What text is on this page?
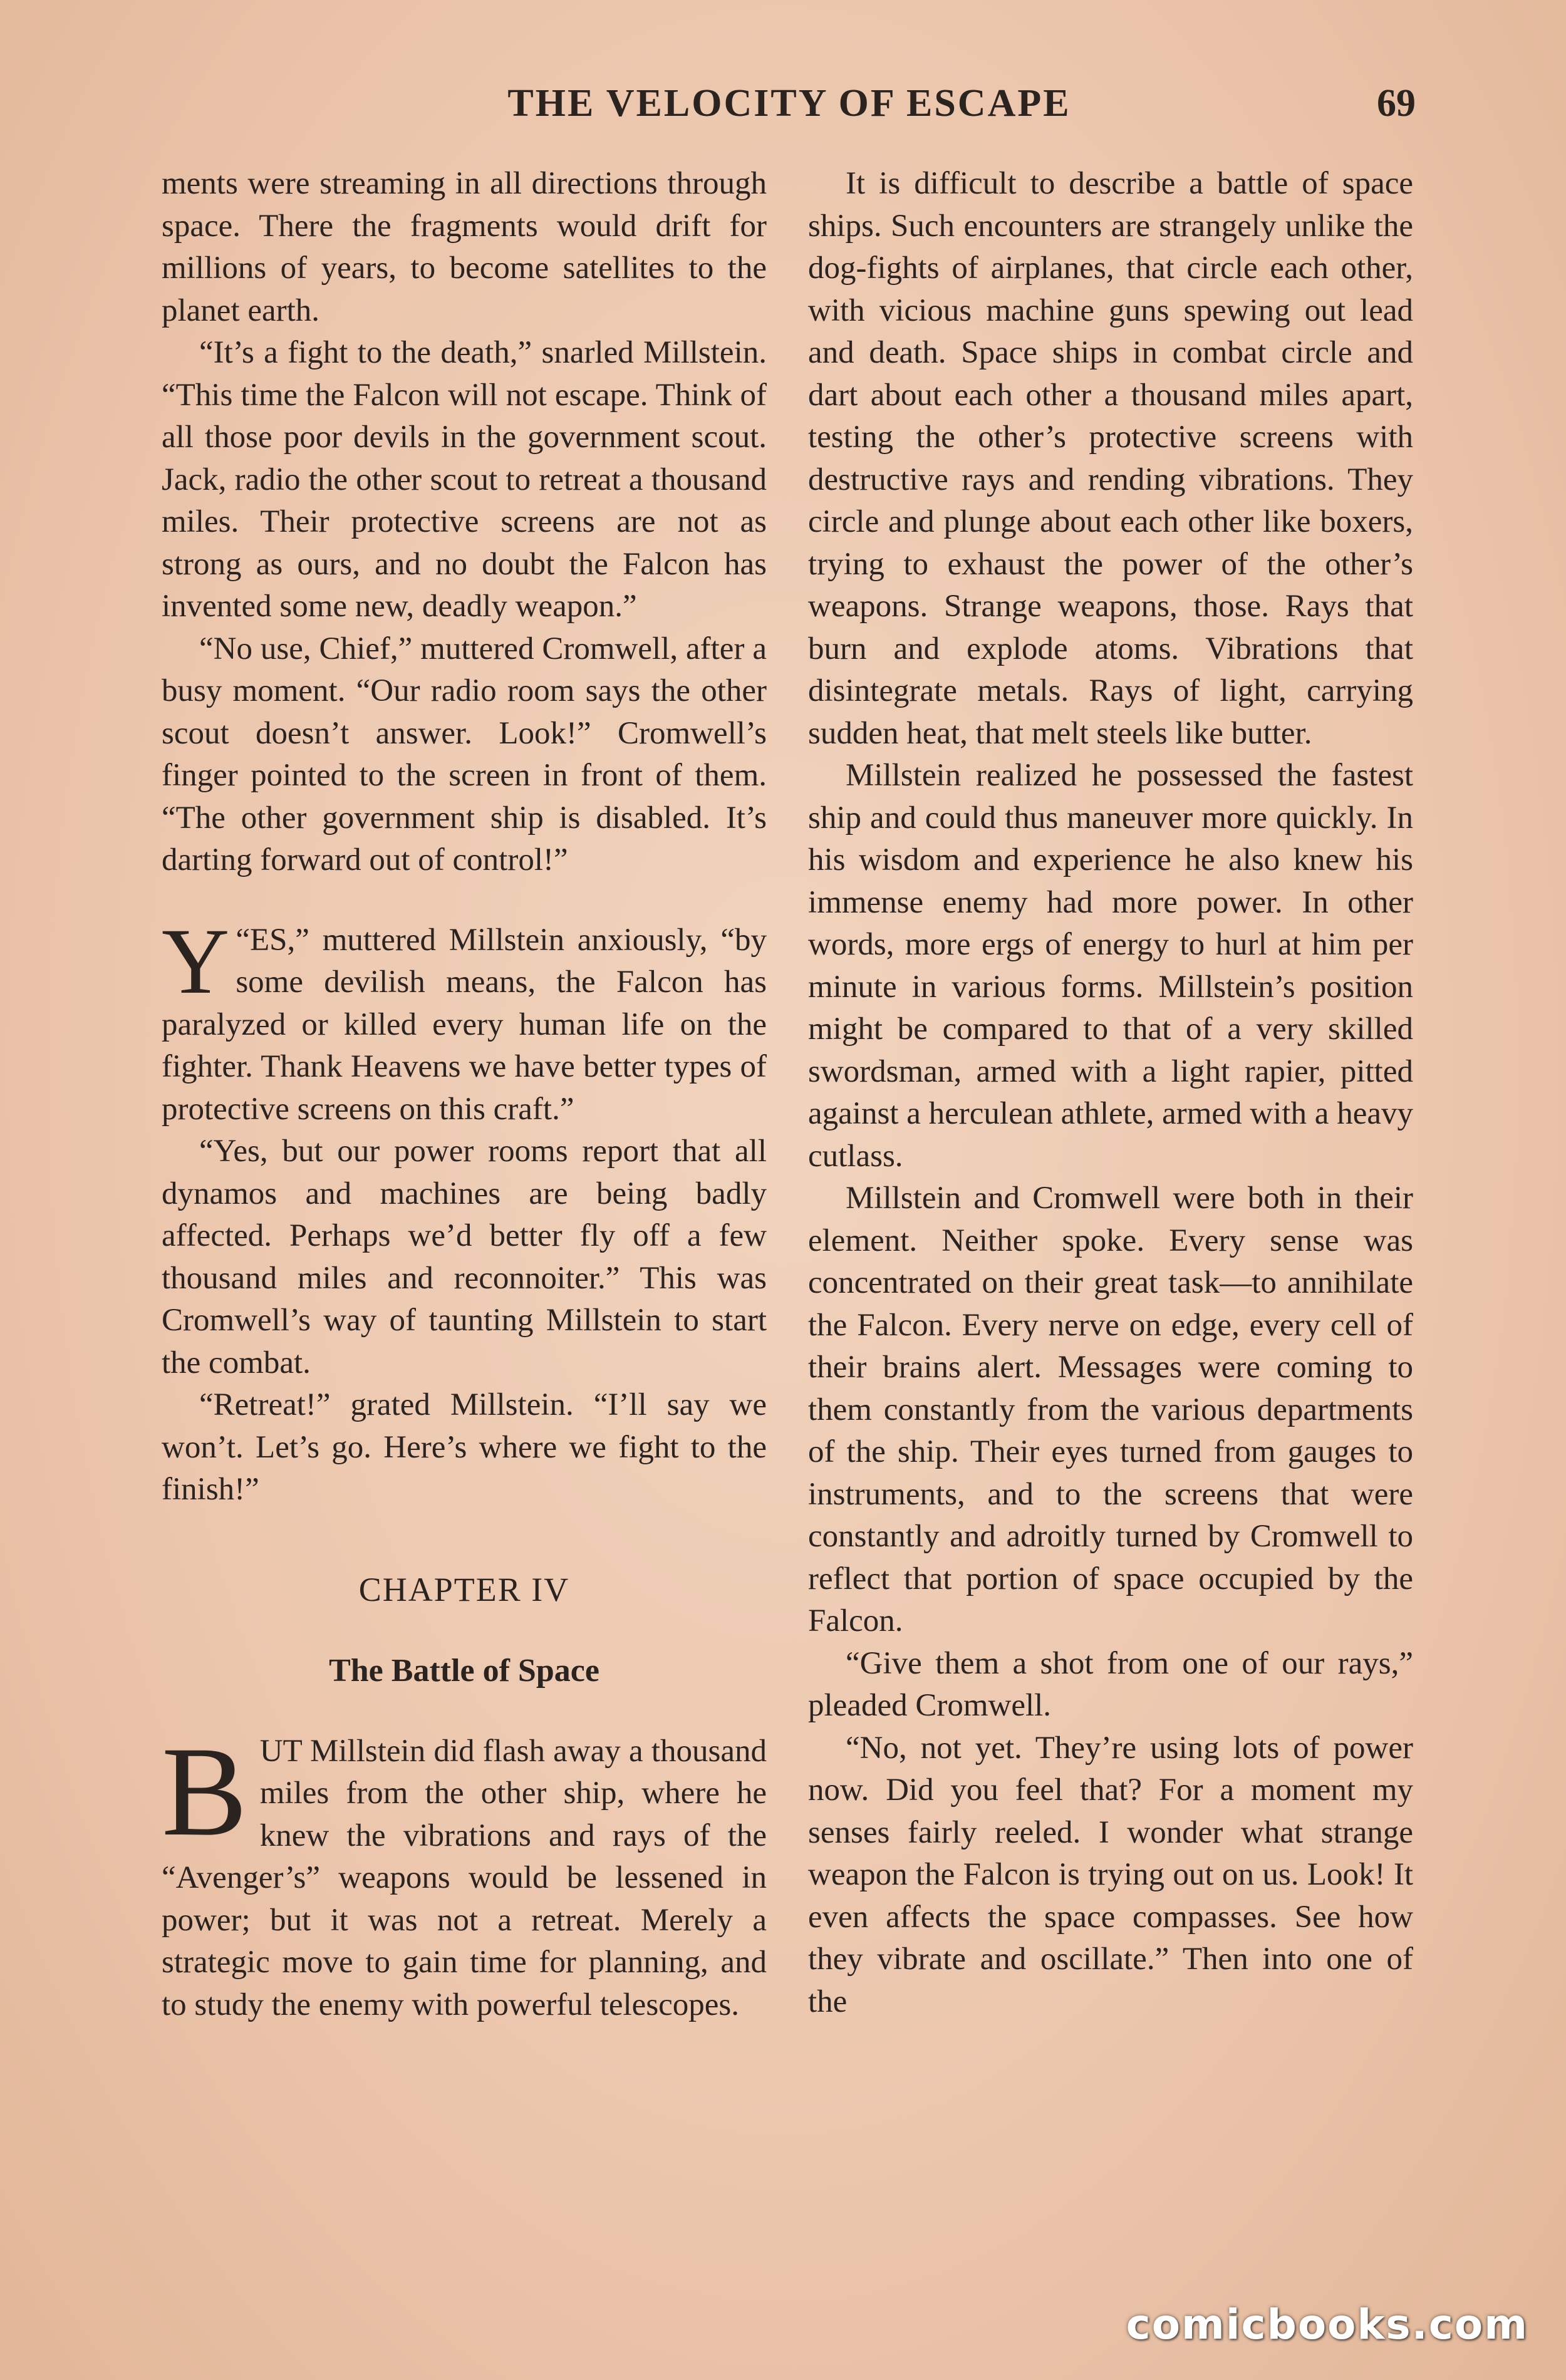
THE VELOCITY OF ESCAPE	69

ments were streaming in all directions through space. There the fragments would drift for millions of years, to become satellites to the planet earth.

“It’s a fight to the death,” snarled Millstein. “This time the Falcon will not escape. Think of all those poor devils in the government scout. Jack, radio the other scout to retreat a thousand miles. Their protective screens are not as strong as ours, and no doubt the Falcon has invented some new, deadly weapon.”

“No use, Chief,” muttered Cromwell, after a busy moment. “Our radio room says the other scout doesn’t answer. Look!” Cromwell’s finger pointed to the screen in front of them. “The other government ship is disabled. It’s darting forward out of control!”

“
Y ES,” muttered Millstein anxiously, “by some devilish means, the Falcon has paralyzed or killed every human life on the fighter. Thank Heavens we have better types of protective screens on this craft.”

“Yes, but our power rooms report that all dynamos and machines are being badly affected. Perhaps we’d better fly off a few thousand miles and reconnoiter.” This was Cromwell’s way of taunting Millstein to start the combat.

“Retreat!” grated Millstein. “I’ll say we won’t. Let’s go. Here’s where we fight to the finish!”

CHAPTER IV
The Battle of Space

BUT Millstein did flash away a thousand miles from the other ship, where he knew the vibrations and rays of the “Avenger’s” weapons would be lessened in power; but it was not a retreat. Merely a strategic move to gain time for planning, and to study the enemy with powerful telescopes.

It is difficult to describe a battle of space ships. Such encounters are strangely unlike the dog-fights of airplanes, that circle each other, with vicious machine guns spewing out lead and death. Space ships in combat circle and dart about each other a thousand miles apart, testing the other’s protective screens with destructive rays and rending vibrations. They circle and plunge about each other like boxers, trying to exhaust the power of the other’s weapons. Strange weapons, those. Rays that burn and explode atoms. Vibrations that disintegrate metals. Rays of light, carrying sudden heat, that melt steels like butter.

Millstein realized he possessed the fastest ship and could thus maneuver more quickly. In his wisdom and experience he also knew his immense enemy had more power. In other words, more ergs of energy to hurl at him per minute in various forms. Millstein’s position might be compared to that of a very skilled swordsman, armed with a light rapier, pitted against a herculean athlete, armed with a heavy cutlass.

Millstein and Cromwell were both in their element. Neither spoke. Every sense was concentrated on their great task—to annihilate the Falcon. Every nerve on edge, every cell of their brains alert. Messages were coming to them constantly from the various departments of the ship. Their eyes turned from gauges to instruments, and to the screens that were constantly and adroitly turned by Cromwell to reflect that portion of space occupied by the Falcon.

“Give them a shot from one of our rays,” pleaded Cromwell.

“No, not yet. They’re using lots of power now. Did you feel that? For a moment my senses fairly reeled. I wonder what strange weapon the Falcon is trying out on us. Look! It even affects the space compasses. See how they vibrate and oscillate.” Then into one of the

comicbooks.com
